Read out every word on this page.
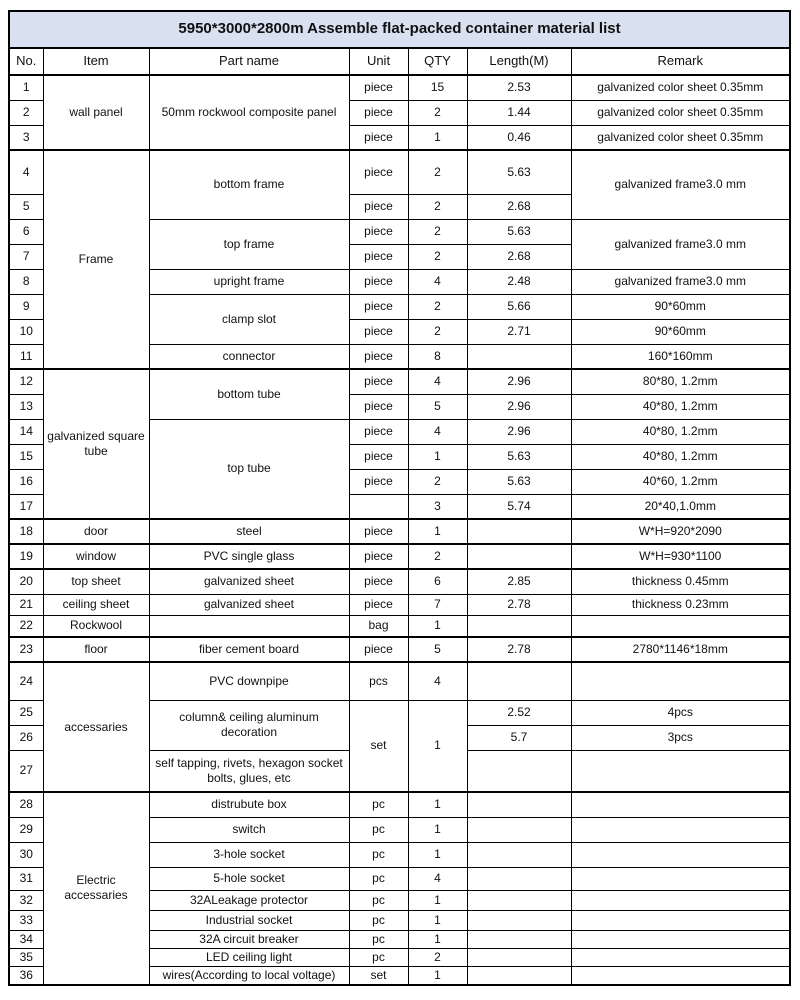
5950*3000*2800m Assemble flat-packed container material list						
No.	Item	Part name	Unit	QTY	Length(M)	Remark
1	wall panel	50mm rockwool composite panel	piece	15	2.53	galvanized color sheet 0.35mm
2			piece	2	1.44	galvanized color sheet 0.35mm
3			piece	1	0.46	galvanized color sheet 0.35mm
4	Frame	bottom frame	piece	2	5.63	galvanized frame3.0 mm
5			piece	2	2.68	
6		top frame	piece	2	5.63	galvanized frame3.0 mm
7			piece	2	2.68	
8		upright frame	piece	4	2.48	galvanized frame3.0 mm
9		clamp slot	piece	2	5.66	90*60mm
10			piece	2	2.71	90*60mm
11		connector	piece	8		160*160mm
12	galvanized square tube	bottom tube	piece	4	2.96	80*80, 1.2mm
13			piece	5	2.96	40*80, 1.2mm
14		top tube	piece	4	2.96	40*80, 1.2mm
15			piece	1	5.63	40*80, 1.2mm
16			piece	2	5.63	40*60, 1.2mm
17				3	5.74	20*40,1.0mm
18	door	steel	piece	1		W*H=920*2090
19	window	PVC single glass	piece	2		W*H=930*1100
20	top sheet	galvanized sheet	piece	6	2.85	thickness 0.45mm
21	ceiling sheet	galvanized sheet	piece	7	2.78	thickness 0.23mm
22	Rockwool		bag	1		
23	floor	fiber cement board	piece	5	2.78	2780*1146*18mm
24	accessaries	PVC downpipe	pcs	4		
25		column& ceiling aluminum decoration	set	1	2.52	4pcs
26					5.7	3pcs
27		self tapping, rivets, hexagon socket bolts, glues, etc				
28	Electric accessaries	distrubute box	pc	1		
29		switch	pc	1		
30		3-hole socket	pc	1		
31		5-hole socket	pc	4		
32		32ALeakage protector	pc	1		
33		Industrial socket	pc	1		
34		32A circuit breaker	pc	1		
35		LED ceiling light	pc	2		
36		wires(According to local voltage)	set	1		
